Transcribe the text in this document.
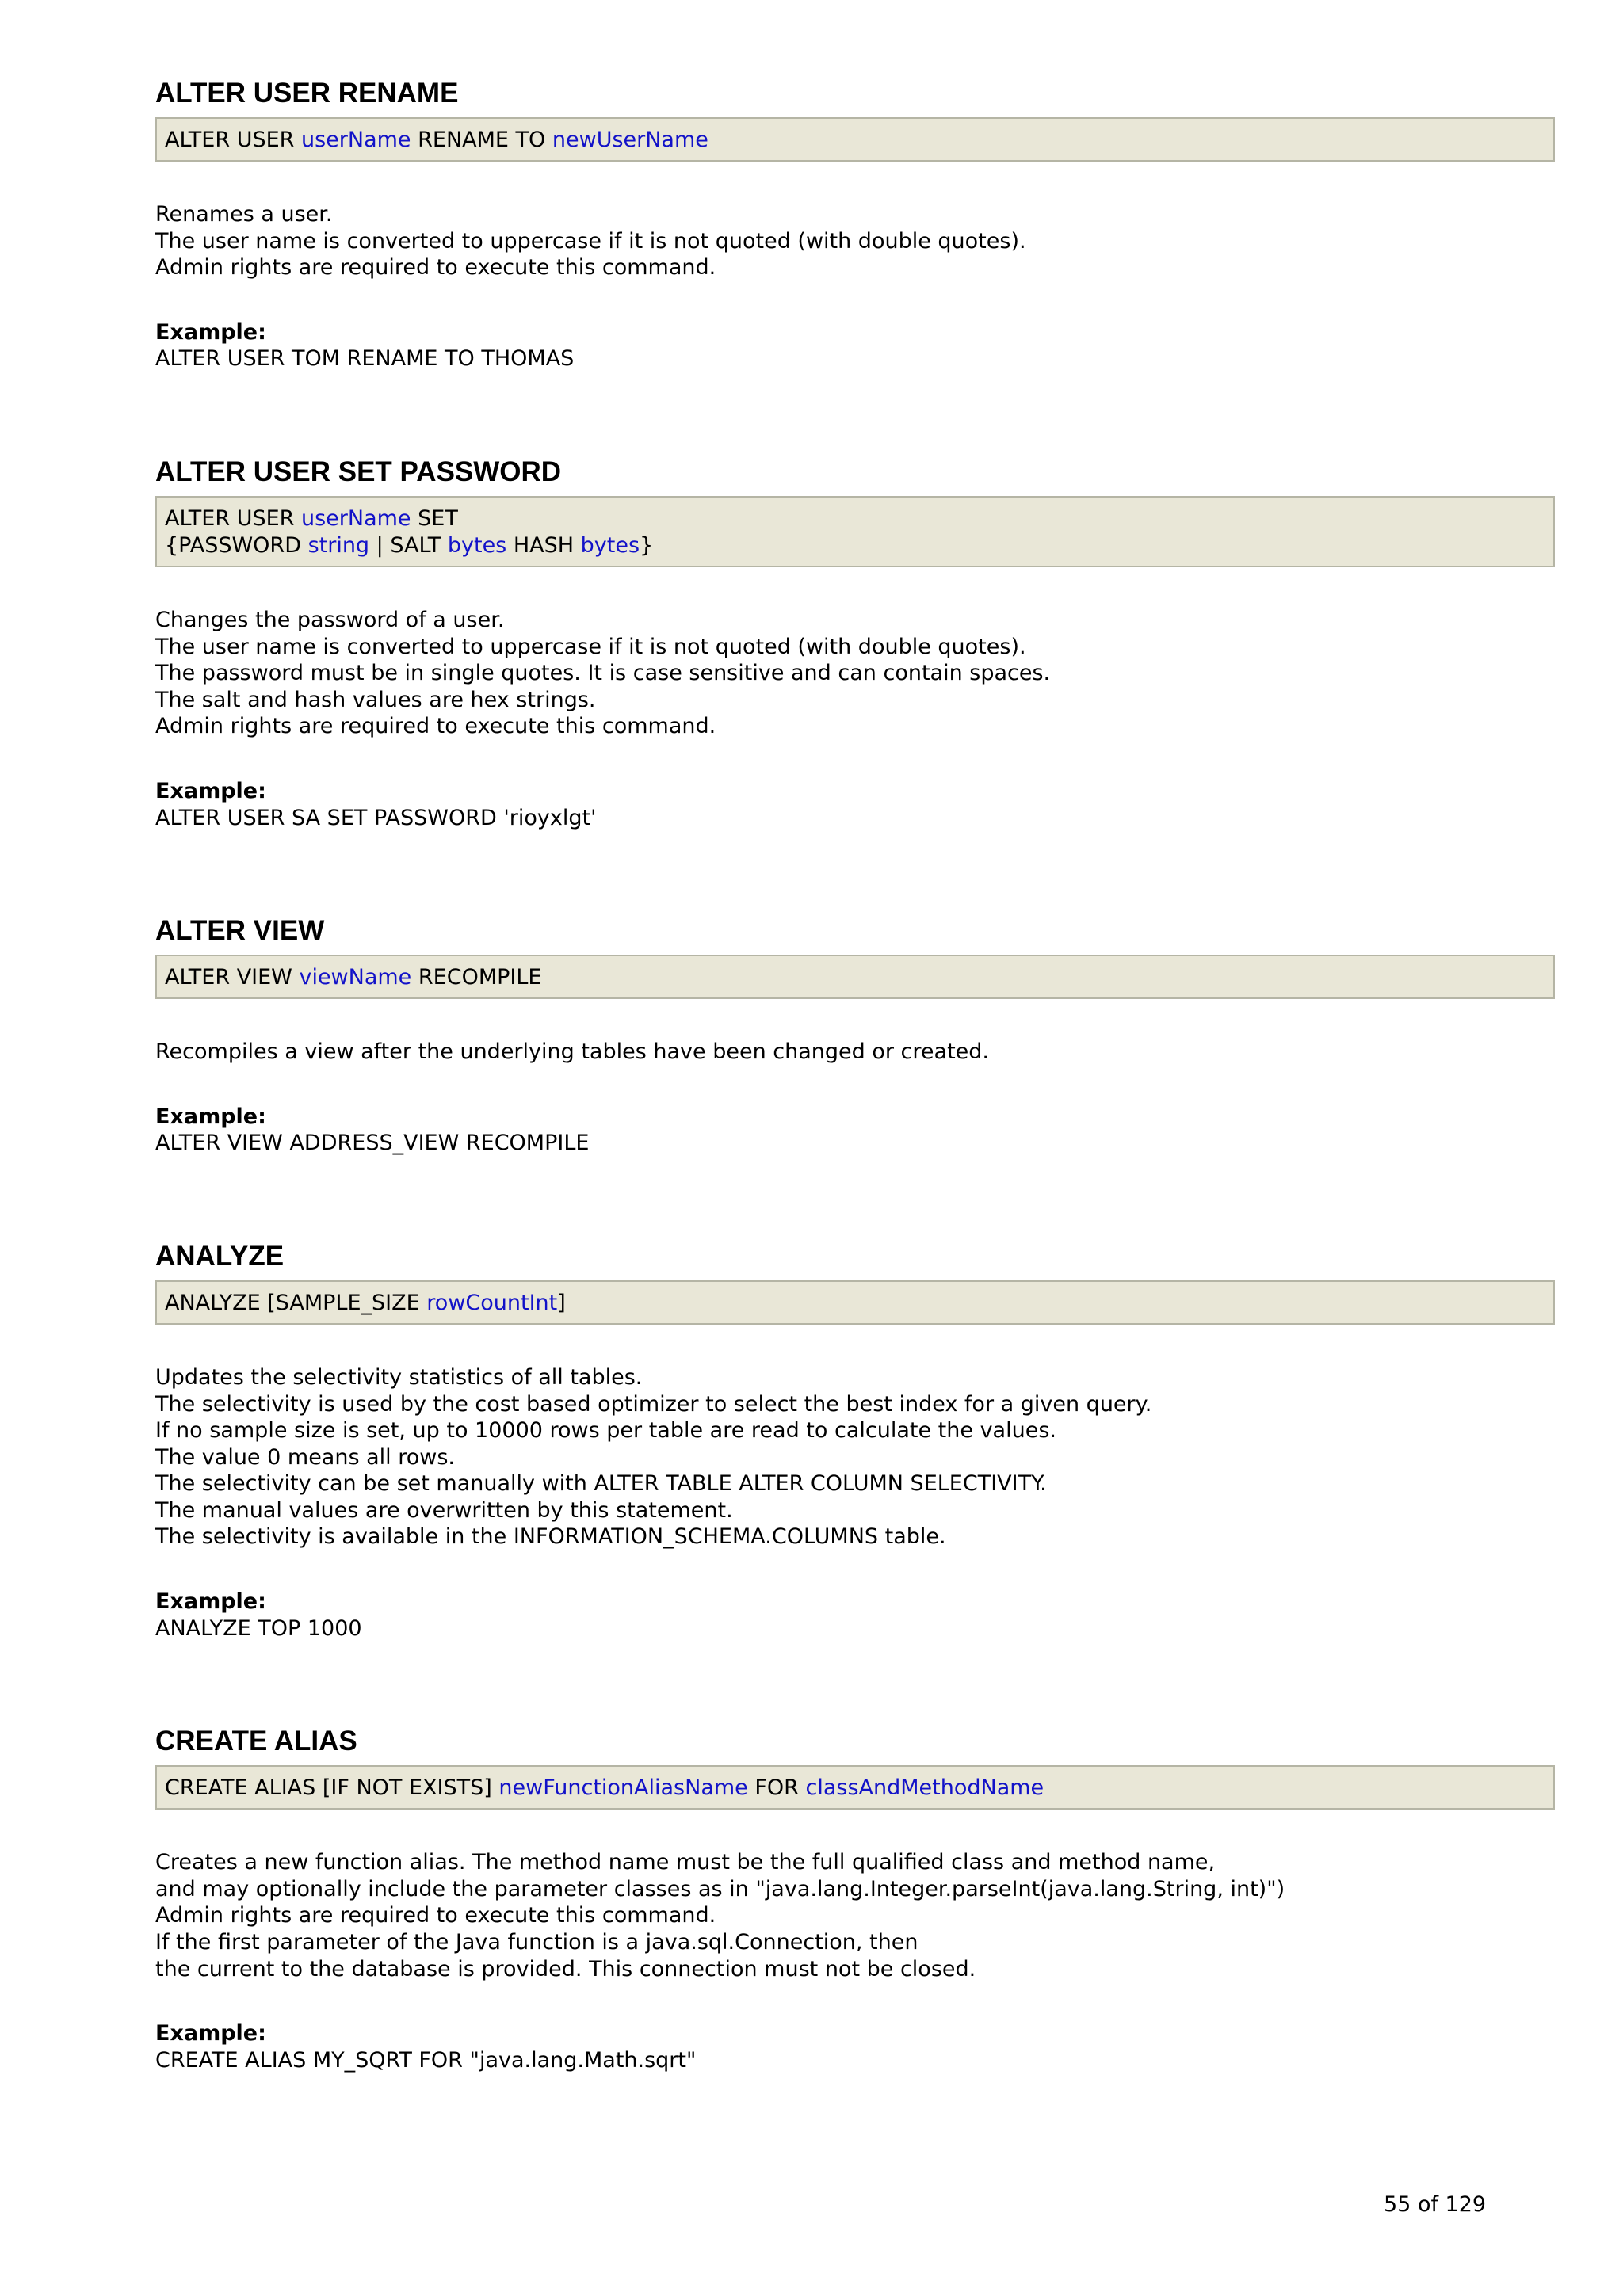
ALTER USER RENAME
ALTER USER userName RENAME TO newUserName
Renames a user.
The user name is converted to uppercase if it is not quoted (with double quotes).
Admin rights are required to execute this command.
Example:
ALTER USER TOM RENAME TO THOMAS
ALTER USER SET PASSWORD
ALTER USER userName SET
{PASSWORD string | SALT bytes HASH bytes}
Changes the password of a user.
The user name is converted to uppercase if it is not quoted (with double quotes).
The password must be in single quotes. It is case sensitive and can contain spaces.
The salt and hash values are hex strings.
Admin rights are required to execute this command.
Example:
ALTER USER SA SET PASSWORD 'rioyxlgt'
ALTER VIEW
ALTER VIEW viewName RECOMPILE
Recompiles a view after the underlying tables have been changed or created.
Example:
ALTER VIEW ADDRESS_VIEW RECOMPILE
ANALYZE
ANALYZE [SAMPLE_SIZE rowCountInt]
Updates the selectivity statistics of all tables.
The selectivity is used by the cost based optimizer to select the best index for a given query.
If no sample size is set, up to 10000 rows per table are read to calculate the values.
The value 0 means all rows.
The selectivity can be set manually with ALTER TABLE ALTER COLUMN SELECTIVITY.
The manual values are overwritten by this statement.
The selectivity is available in the INFORMATION_SCHEMA.COLUMNS table.
Example:
ANALYZE TOP 1000
CREATE ALIAS
CREATE ALIAS [IF NOT EXISTS] newFunctionAliasName FOR classAndMethodName
Creates a new function alias. The method name must be the full qualified class and method name,
and may optionally include the parameter classes as in "java.lang.Integer.parseInt(java.lang.String, int)")
Admin rights are required to execute this command.
If the first parameter of the Java function is a java.sql.Connection, then
the current to the database is provided. This connection must not be closed.
Example:
CREATE ALIAS MY_SQRT FOR "java.lang.Math.sqrt"
55 of 129
